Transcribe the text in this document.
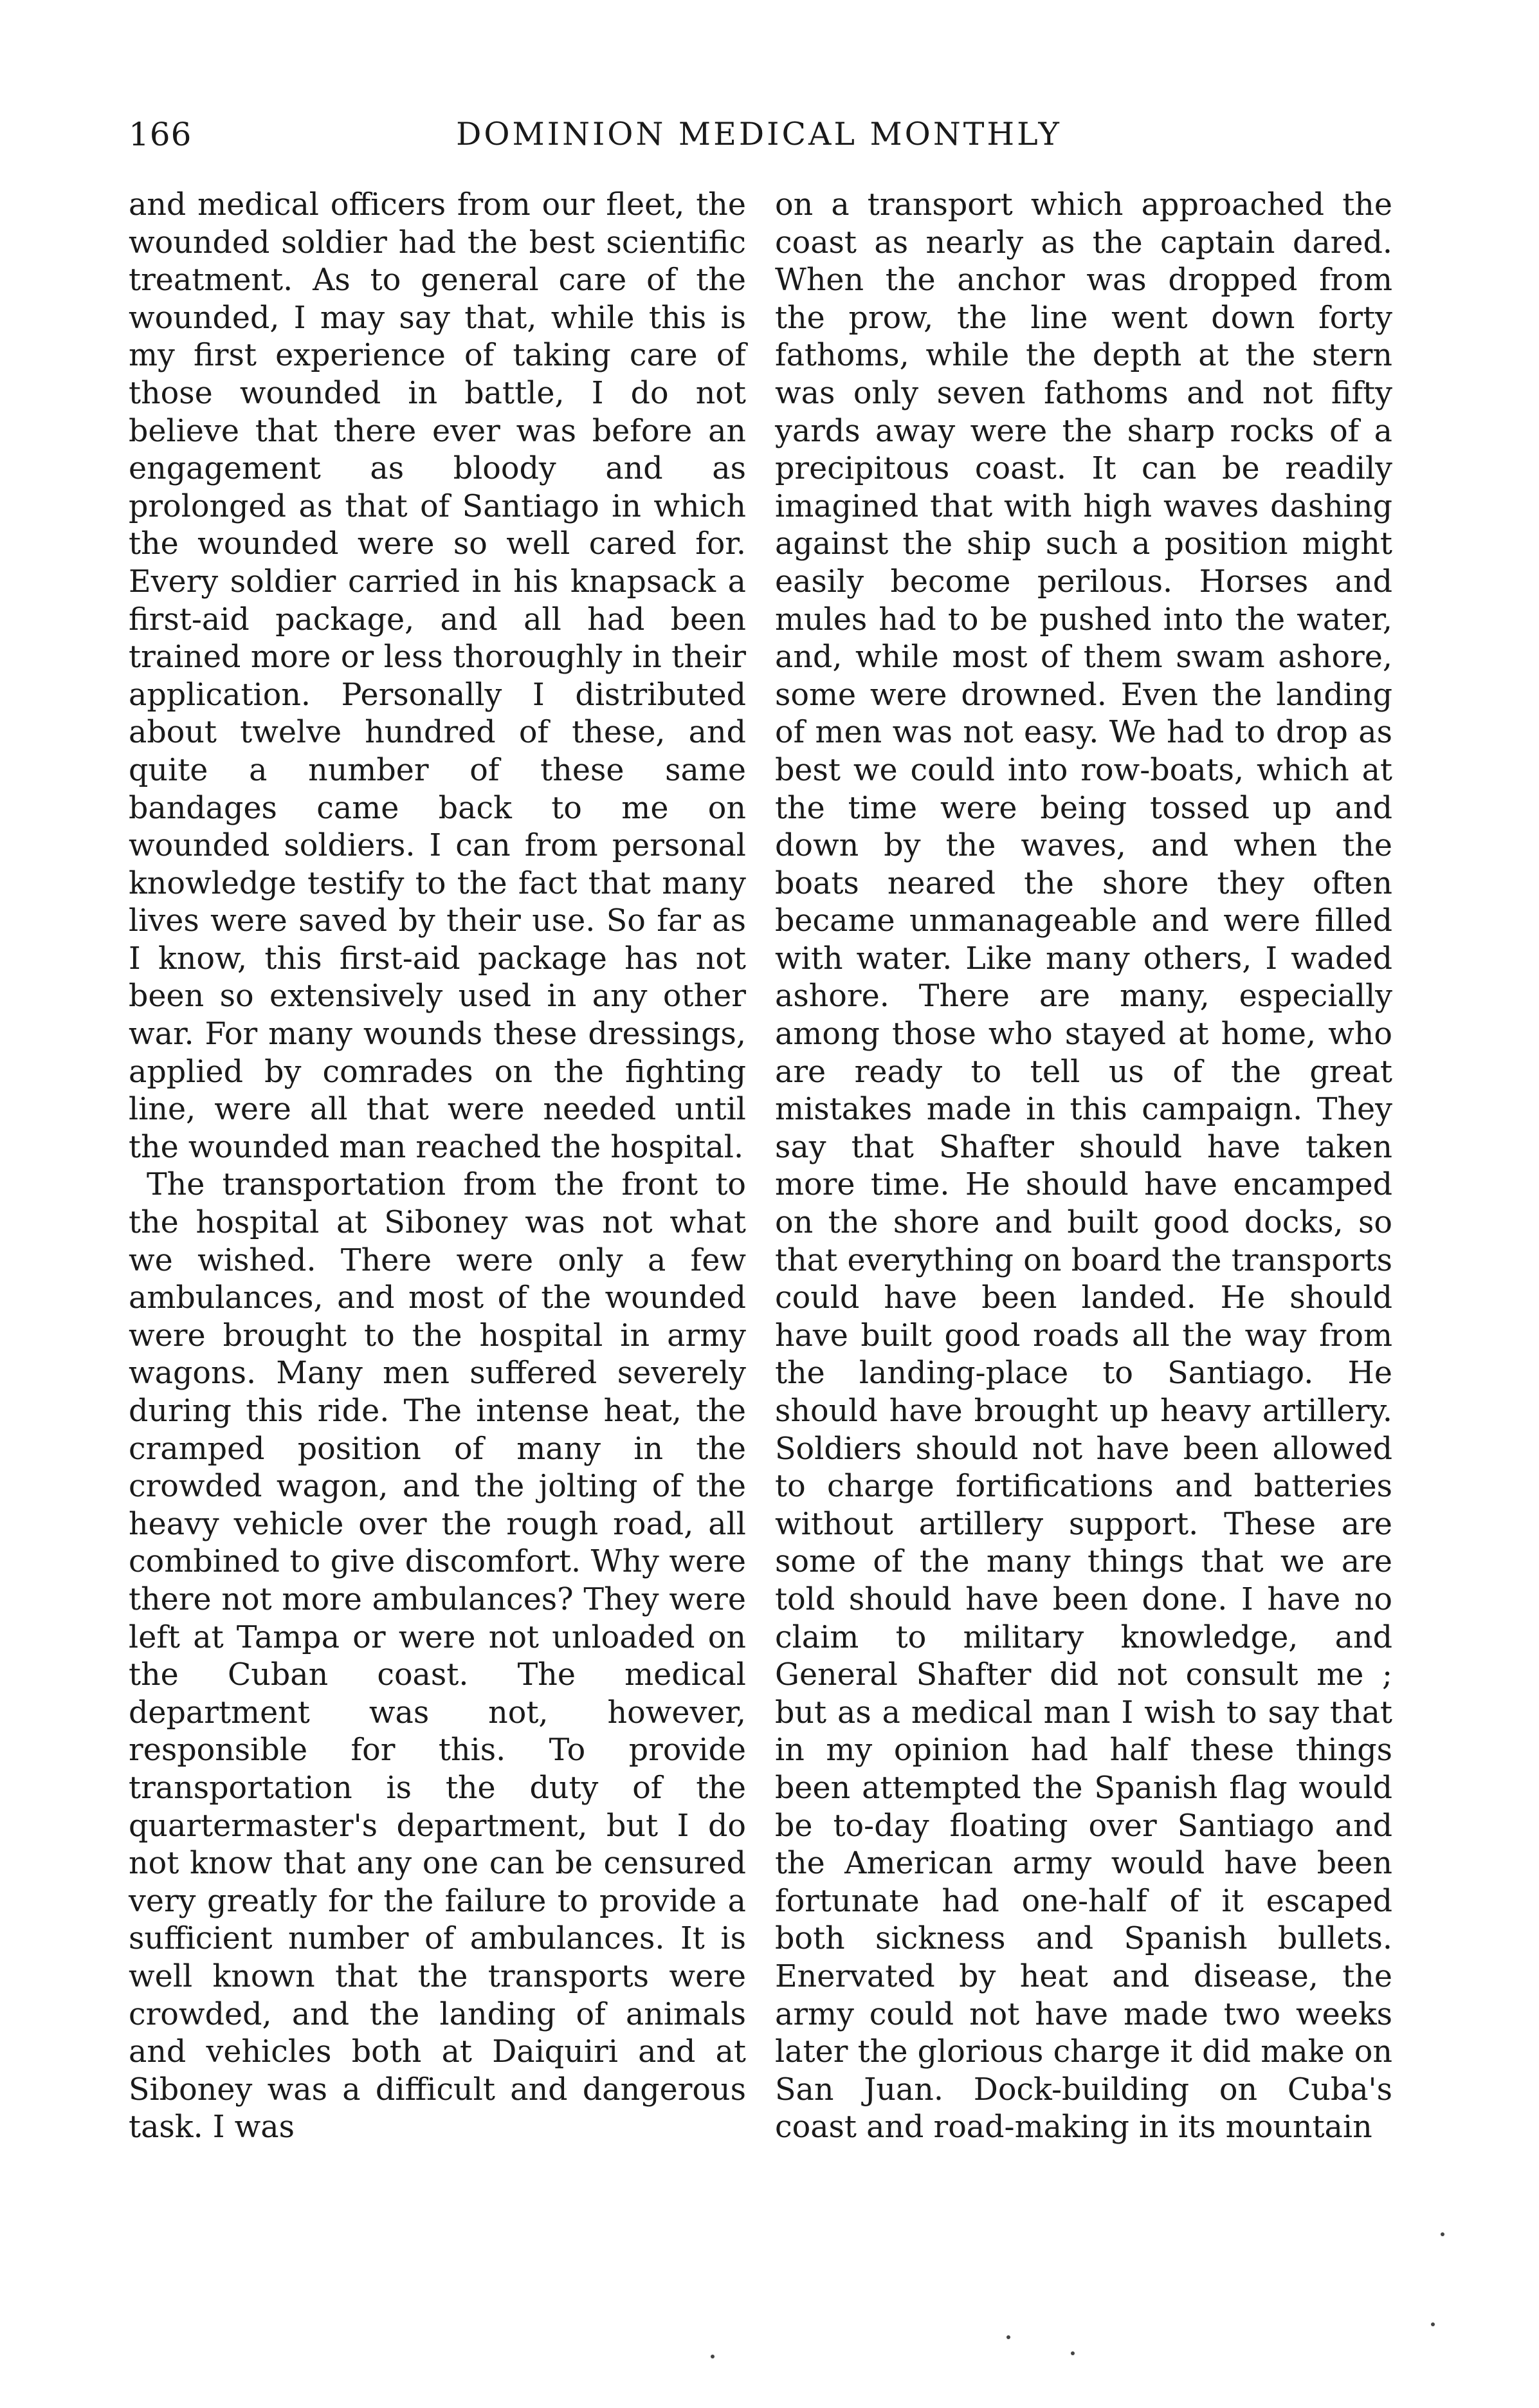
166	DOMINION MEDICAL MONTHLY

and medical officers from our fleet, the wounded soldier had the best scientific treatment. As to general care of the wounded, I may say that, while this is my first experience of taking care of those wounded in battle, I do not believe that there ever was before an engagement as bloody and as prolonged as that of Santiago in which the wounded were so well cared for. Every soldier carried in his knapsack a first-aid package, and all had been trained more or less thoroughly in their application. Personally I distributed about twelve hundred of these, and quite a number of these same bandages came back to me on wounded soldiers. I can from personal knowledge testify to the fact that many lives were saved by their use. So far as I know, this first-aid package has not been so extensively used in any other war. For many wounds these dressings, applied by comrades on the fighting line, were all that were needed until the wounded man reached the hospital.

The transportation from the front to the hospital at Siboney was not what we wished. There were only a few ambulances, and most of the wounded were brought to the hospital in army wagons. Many men suffered severely during this ride. The intense heat, the cramped position of many in the crowded wagon, and the jolting of the heavy vehicle over the rough road, all combined to give discomfort. Why were there not more ambulances? They were left at Tampa or were not unloaded on the Cuban coast. The medical department was not, however, responsible for this. To provide transportation is the duty of the quartermaster's department, but I do not know that any one can be censured very greatly for the failure to provide a sufficient number of ambulances. It is well known that the transports were crowded, and the landing of animals and vehicles both at Daiquiri and at Siboney was a difficult and dangerous task. I was

on a transport which approached the coast as nearly as the captain dared. When the anchor was dropped from the prow, the line went down forty fathoms, while the depth at the stern was only seven fathoms and not fifty yards away were the sharp rocks of a precipitous coast. It can be readily imagined that with high waves dashing against the ship such a position might easily become perilous. Horses and mules had to be pushed into the water, and, while most of them swam ashore, some were drowned. Even the landing of men was not easy. We had to drop as best we could into row-boats, which at the time were being tossed up and down by the waves, and when the boats neared the shore they often became unmanageable and were filled with water. Like many others, I waded ashore. There are many, especially among those who stayed at home, who are ready to tell us of the great mistakes made in this campaign. They say that Shafter should have taken more time. He should have encamped on the shore and built good docks, so that everything on board the transports could have been landed. He should have built good roads all the way from the landing-place to Santiago. He should have brought up heavy artillery. Soldiers should not have been allowed to charge fortifications and batteries without artillery support. These are some of the many things that we are told should have been done. I have no claim to military knowledge, and General Shafter did not consult me ; but as a medical man I wish to say that in my opinion had half these things been attempted the Spanish flag would be to-day floating over Santiago and the American army would have been fortunate had one-half of it escaped both sickness and Spanish bullets. Enervated by heat and disease, the army could not have made two weeks later the glorious charge it did make on San Juan. Dock-building on Cuba's coast and road-making in its mountain
